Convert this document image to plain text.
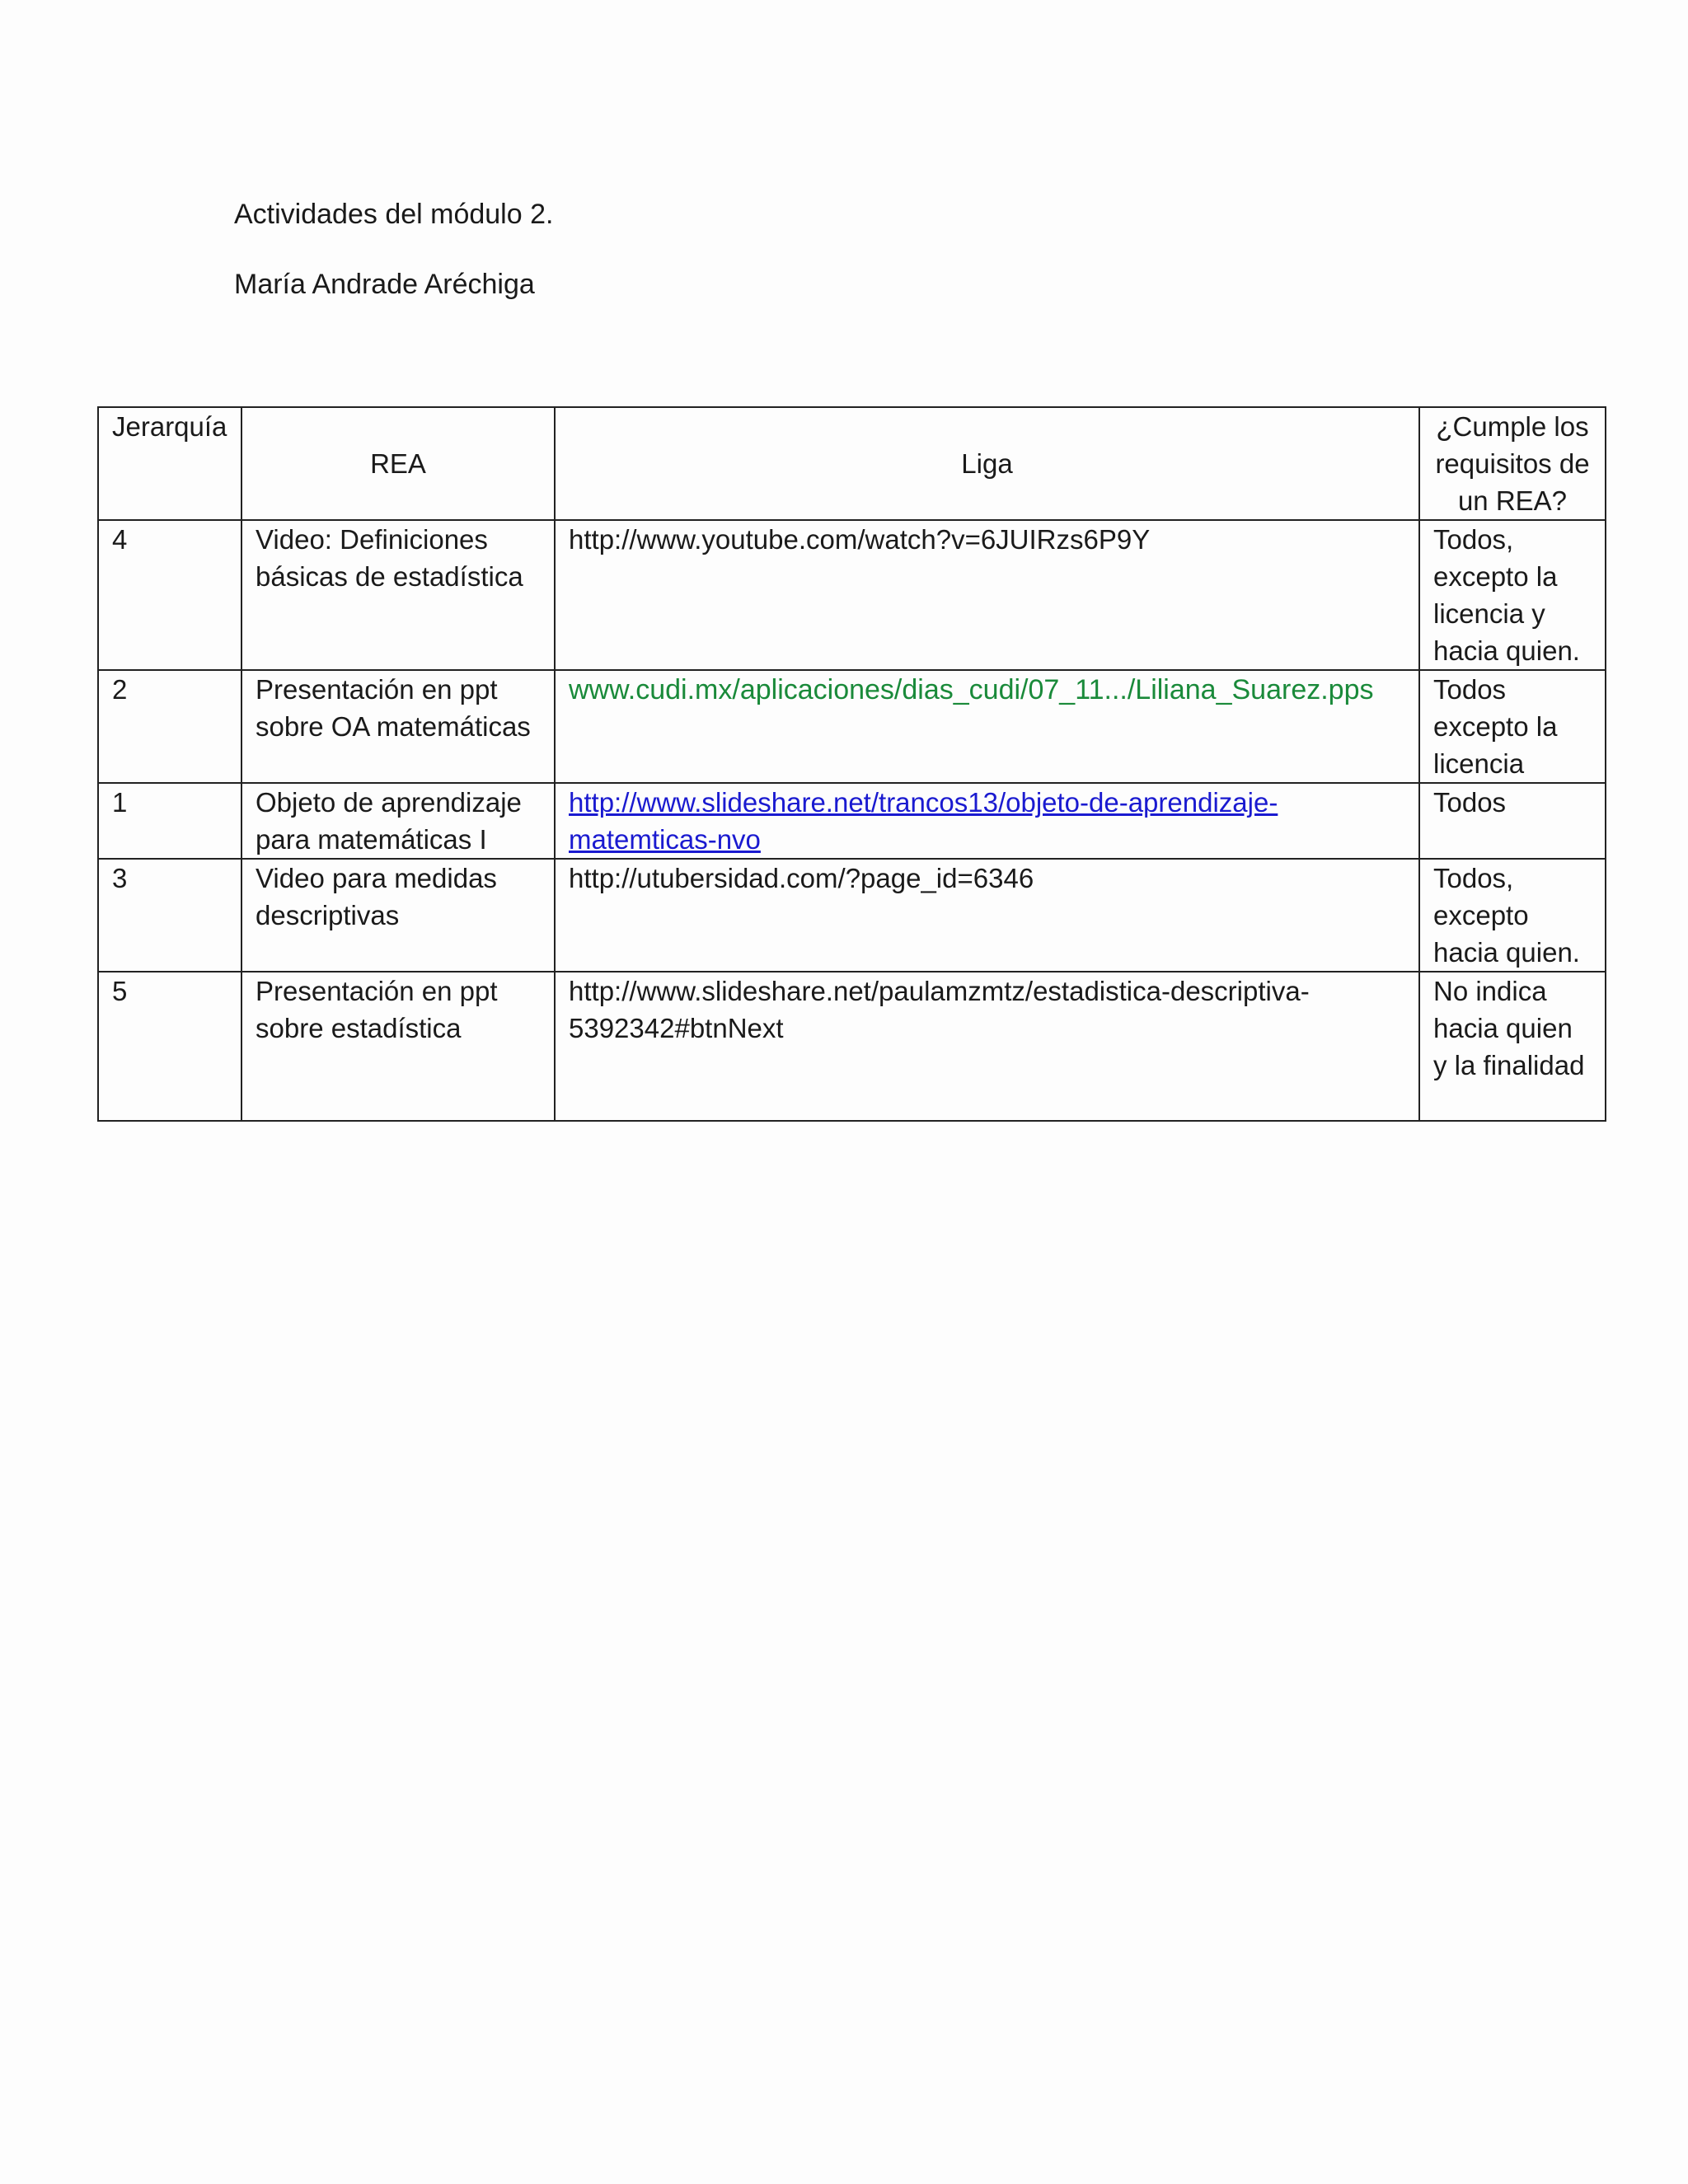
Actividades del módulo 2.
María Andrade Aréchiga
Jerarquía	REA	Liga	¿Cumple los requisitos de un REA?
4	Video: Definiciones básicas de estadística	http://www.youtube.com/watch?v=6JUIRzs6P9Y	Todos, excepto la licencia y hacia quien.
2	Presentación en ppt sobre OA matemáticas	www.cudi.mx/aplicaciones/dias_cudi/07_11.../Liliana_Suarez.pps	Todos excepto la licencia
1	Objeto de aprendizaje para matemáticas I	http://www.slideshare.net/trancos13/objeto-de-aprendizaje-matemticas-nvo	Todos
3	Video para medidas descriptivas	http://utubersidad.com/?page_id=6346	Todos, excepto hacia quien.
5	Presentación en ppt sobre estadística	http://www.slideshare.net/paulamzmtz/estadistica-descriptiva-5392342#btnNext	No indica hacia quien y la finalidad
